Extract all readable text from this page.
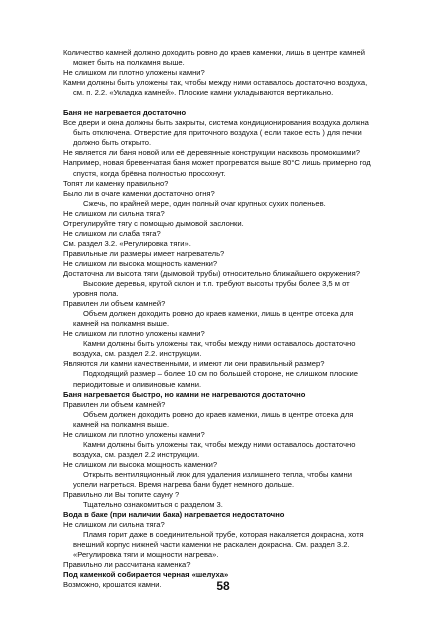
Количество камней должно доходить ровно до краев каменки, лишь в центре камней
может быть на полкамня выше.
Не слишком ли плотно уложены камни?
Камни должны быть уложены так, чтобы между ними оставалось достаточно воздуха,
см. п. 2.2. «Укладка камней». Плоские камни укладываются вертикально.
Баня не нагревается достаточно
Все двери и окна должны быть закрыты, система кондиционирования воздуха должна
быть отключена. Отверстие для приточного воздуха ( если такое есть ) для печки
должно быть открыто.
Не является ли баня новой или её деревянные конструкции насквозь промокшими?
Например, новая бревенчатая баня может прогреватся выше 80°С лишь примерно год
спустя, когда брёвна полностью просохнут.
Топят ли каменку правильно?
Было ли в очаге каменки достаточно огня?
Сжечь, по крайней мере, один полный очаг крупных сухих поленьев.
Не слишком ли сильна тяга?
Отрегулируйте тягу с помощью дымовой заслонки.
Не слишком ли слаба тяга?
См. раздел 3.2. «Регулировка тяги».
Правильные ли размеры имеет нагреватель?
Не слишком ли высока мощность каменки?
Достаточна ли высота тяги (дымовой трубы) относительно ближайшего окружения?
Высокие деревья, крутой склон и т.п. требуют высоты трубы более 3,5 м от
уровня пола.
Правилен ли объем камней?
Объем должен доходить ровно до краев каменки, лишь в центре отсека для
камней на полкамня выше.
Не слишком ли плотно уложены камни?
Камни должны быть уложены так, чтобы между ними оставалось достаточно
воздуха, см. раздел 2.2. инструкции.
Являются ли камни качественными, и имеют ли они правильный размер?
Подходящий размер – более 10 см по большей стороне, не слишком плоские
периодитовые и оливиновые камни.
Баня нагревается быстро, но камни не нагреваются достаточно
Правилен ли объем камней?
Объем должен доходить ровно до краев каменки, лишь в центре отсека для
камней на полкамня выше.
Не слишком ли плотно уложены камни?
Камни должны быть уложены так, чтобы между ними оставалось достаточно
воздуха, см. раздел 2.2 инструкции.
Не слишком ли высока мощность каменки?
Открыть вентиляционный люк для удаления излишнего тепла, чтобы камни
успели нагреться. Время нагрева бани будет немного дольше.
Правильно ли Вы топите сауну ?
Тщательно ознакомиться с разделом 3.
Вода в баке (при наличии бака) нагревается недостаточно
Не слишком ли сильна тяга?
Пламя горит даже в соединительной трубе, которая накаляется докрасна, хотя
внешний корпус нижней части каменки не раскален докрасна. См. раздел 3.2.
«Регулировка тяги и мощности нагрева».
Правильно ли рассчитана каменка?
Под каменкой собирается черная «шелуха»
Возможно, крошатся камни.	58
